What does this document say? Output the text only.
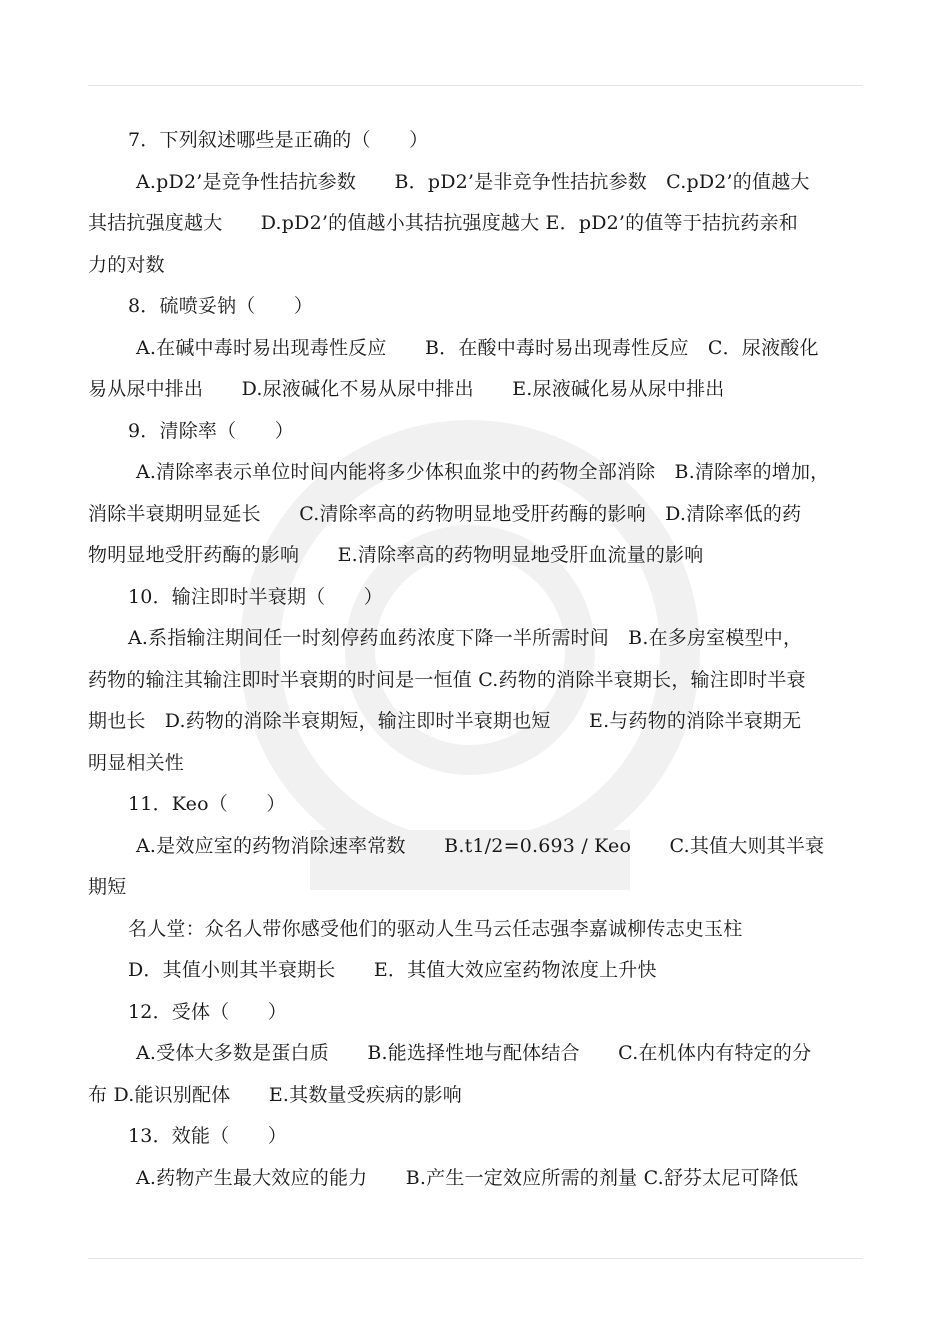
7．下列叙述哪些是正确的（　　）
A.pD2’是竞争性拮抗参数　　B．pD2’是非竞争性拮抗参数　C.pD2’的值越大
其拮抗强度越大　　D.pD2’的值越小其拮抗强度越大 E．pD2’的值等于拮抗药亲和
力的对数
8．硫喷妥钠（　　）
A.在碱中毒时易出现毒性反应　　B．在酸中毒时易出现毒性反应　C．尿液酸化
易从尿中排出　　D.尿液碱化不易从尿中排出　　E.尿液碱化易从尿中排出
9．清除率（　　）
A.清除率表示单位时间内能将多少体积血浆中的药物全部消除　B.清除率的增加，
消除半衰期明显延长　　C.清除率高的药物明显地受肝药酶的影响　D.清除率低的药
物明显地受肝药酶的影响　　E.清除率高的药物明显地受肝血流量的影响
10．输注即时半衰期（　　）
A.系指输注期间任一时刻停药血药浓度下降一半所需时间　B.在多房室模型中，
药物的输注其输注即时半衰期的时间是一恒值 C.药物的消除半衰期长，输注即时半衰
期也长　D.药物的消除半衰期短，输注即时半衰期也短　　E.与药物的消除半衰期无
明显相关性
11．Keo（　　）
A.是效应室的药物消除速率常数　　B.t1/2=0.693 / Keo　　C.其值大则其半衰
期短
名人堂：众名人带你感受他们的驱动人生马云任志强李嘉诚柳传志史玉柱
D．其值小则其半衰期长　　E．其值大效应室药物浓度上升快
12．受体（　　）
A.受体大多数是蛋白质　　B.能选择性地与配体结合　　C.在机体内有特定的分
布 D.能识别配体　　E.其数量受疾病的影响
13．效能（　　）
A.药物产生最大效应的能力　　B.产生一定效应所需的剂量 C.舒芬太尼可降低
